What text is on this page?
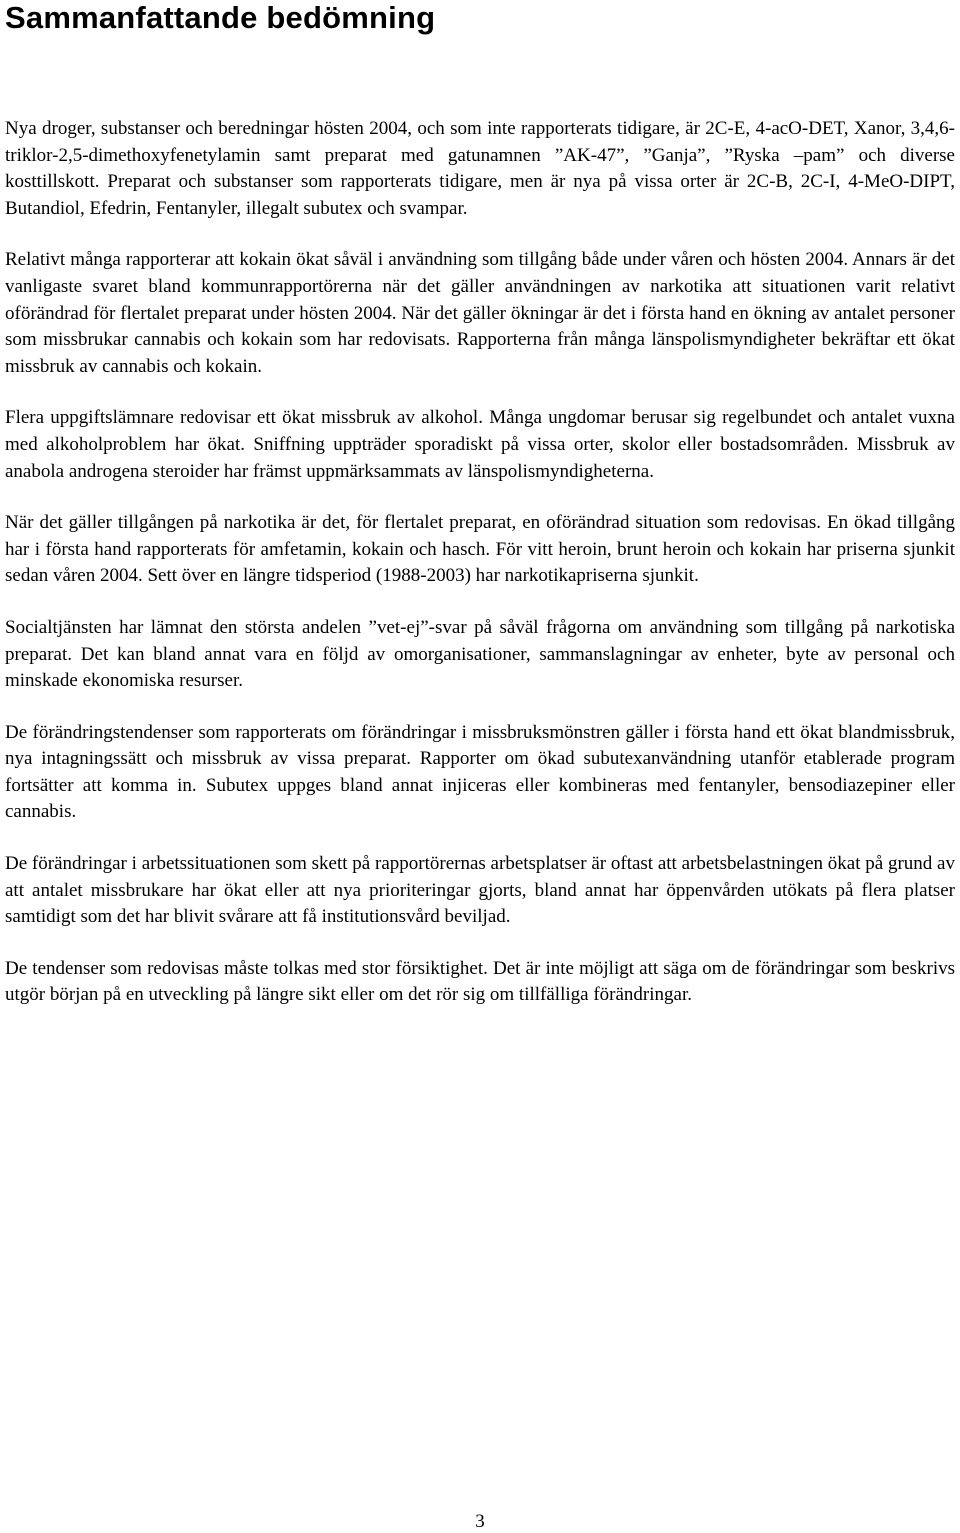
Sammanfattande bedömning

Nya droger, substanser och beredningar hösten 2004, och som inte rapporterats tidigare, är 2C-E, 4-acO-DET, Xanor, 3,4,6-triklor-2,5-dimethoxyfenetylamin samt preparat med gatunamnen ”AK-47”, ”Ganja”, ”Ryska –pam” och diverse kosttillskott. Preparat och substanser som rapporterats tidigare, men är nya på vissa orter är 2C-B, 2C-I, 4-MeO-DIPT, Butandiol, Efedrin, Fentanyler, illegalt subutex och svampar.

Relativt många rapporterar att kokain ökat såväl i användning som tillgång både under våren och hösten 2004. Annars är det vanligaste svaret bland kommunrapportörerna när det gäller användningen av narkotika att situationen varit relativt oförändrad för flertalet preparat under hösten 2004. När det gäller ökningar är det i första hand en ökning av antalet personer som missbrukar cannabis och kokain som har redovisats. Rapporterna från många länspolismyndigheter bekräftar ett ökat missbruk av cannabis och kokain.

Flera uppgiftslämnare redovisar ett ökat missbruk av alkohol. Många ungdomar berusar sig regelbundet och antalet vuxna med alkoholproblem har ökat. Sniffning uppträder sporadiskt på vissa orter, skolor eller bostadsområden. Missbruk av anabola androgena steroider har främst uppmärksammats av länspolismyndigheterna.

När det gäller tillgången på narkotika är det, för flertalet preparat, en oförändrad situation som redovisas. En ökad tillgång har i första hand rapporterats för amfetamin, kokain och hasch. För vitt heroin, brunt heroin och kokain har priserna sjunkit sedan våren 2004. Sett över en längre tidsperiod (1988-2003) har narkotikapriserna sjunkit.

Socialtjänsten har lämnat den största andelen ”vet-ej”-svar på såväl frågorna om användning som tillgång på narkotiska preparat. Det kan bland annat vara en följd av omorganisationer, sammanslagningar av enheter, byte av personal och minskade ekonomiska resurser.

De förändringstendenser som rapporterats om förändringar i missbruksmönstren gäller i första hand ett ökat blandmissbruk, nya intagningssätt och missbruk av vissa preparat. Rapporter om ökad subutexanvändning utanför etablerade program fortsätter att komma in. Subutex uppges bland annat injiceras eller kombineras med fentanyler, bensodiazepiner eller cannabis.

De förändringar i arbetssituationen som skett på rapportörernas arbetsplatser är oftast att arbetsbelastningen ökat på grund av att antalet missbrukare har ökat eller att nya prioriteringar gjorts, bland annat har öppenvården utökats på flera platser samtidigt som det har blivit svårare att få institutionsvård beviljad.

De tendenser som redovisas måste tolkas med stor försiktighet. Det är inte möjligt att säga om de förändringar som beskrivs utgör början på en utveckling på längre sikt eller om det rör sig om tillfälliga förändringar.

3
